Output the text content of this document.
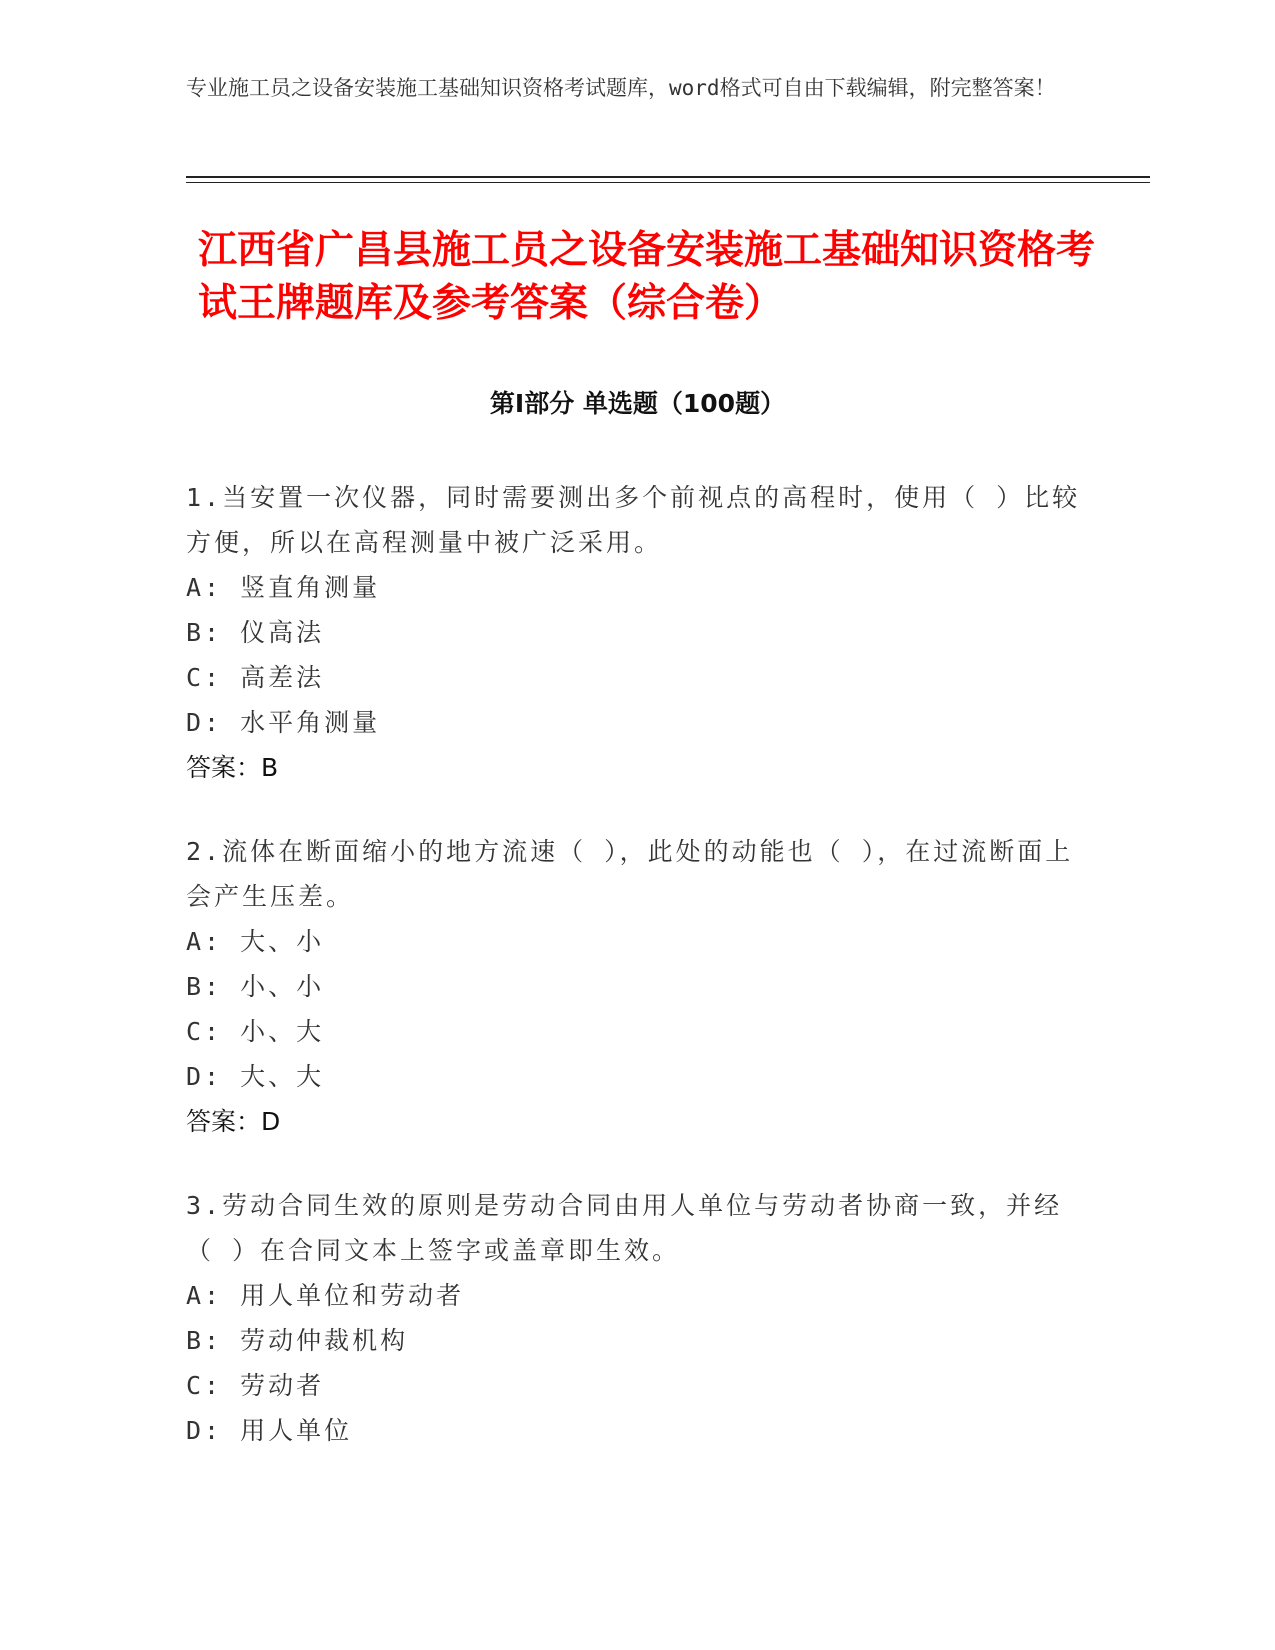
专业施工员之设备安装施工基础知识资格考试题库，word格式可自由下载编辑，附完整答案！

江西省广昌县施工员之设备安装施工基础知识资格考试王牌题库及参考答案（综合卷）
第Ⅰ部分 单选题（100题）

1.当安置一次仪器，同时需要测出多个前视点的高程时，使用（ ）比较方便，所以在高程测量中被广泛采用。

A: 竖直角测量

B: 仪高法

C: 高差法

D: 水平角测量

答案：B

2.流体在断面缩小的地方流速（ ），此处的动能也（ ），在过流断面上会产生压差。

A: 大、小

B: 小、小

C: 小、大

D: 大、大

答案：D

3.劳动合同生效的原则是劳动合同由用人单位与劳动者协商一致，并经（ ）在合同文本上签字或盖章即生效。

A: 用人单位和劳动者

B: 劳动仲裁机构

C: 劳动者

D: 用人单位
